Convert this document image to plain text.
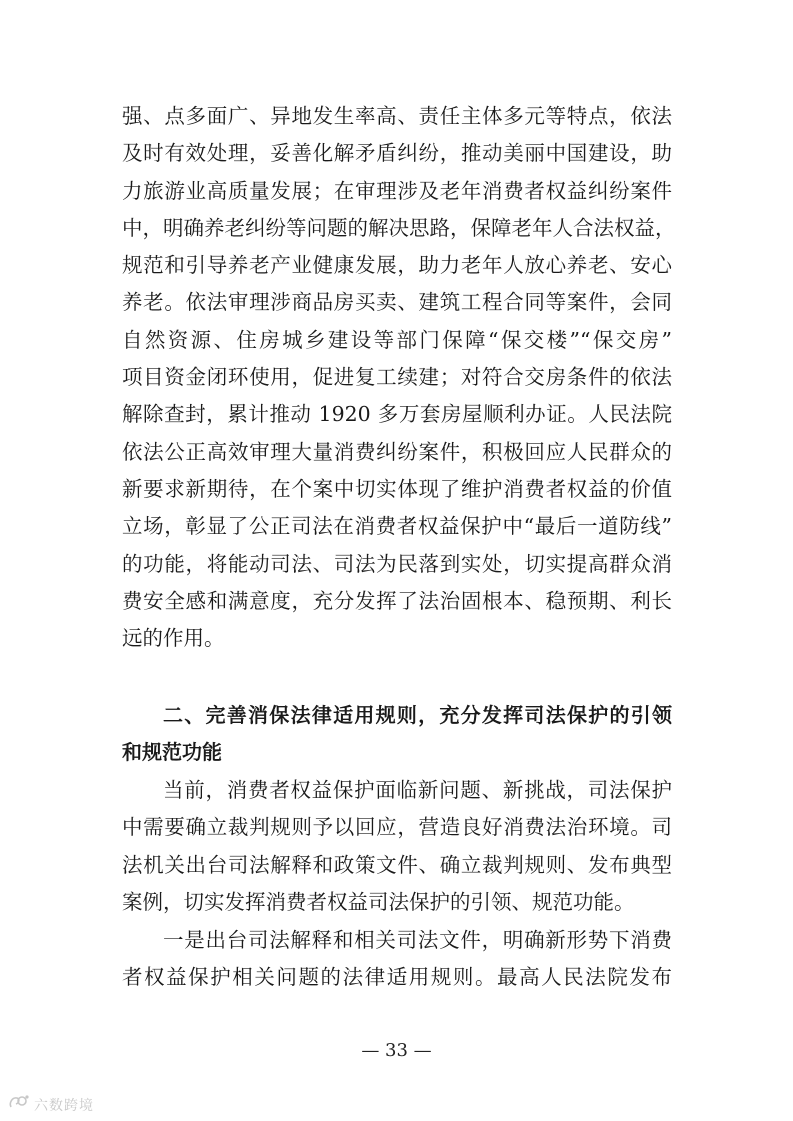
强、点多面广、异地发生率高、责任主体多元等特点，依法
及时有效处理，妥善化解矛盾纠纷，推动美丽中国建设，助
力旅游业高质量发展；在审理涉及老年消费者权益纠纷案件
中，明确养老纠纷等问题的解决思路，保障老年人合法权益，
规范和引导养老产业健康发展，助力老年人放心养老、安心
养老。依法审理涉商品房买卖、建筑工程合同等案件，会同
自然资源、住房城乡建设等部门保障“保交楼”“保交房”
项目资金闭环使用，促进复工续建；对符合交房条件的依法
解除查封，累计推动 1920 多万套房屋顺利办证。人民法院
依法公正高效审理大量消费纠纷案件，积极回应人民群众的
新要求新期待，在个案中切实体现了维护消费者权益的价值
立场，彰显了公正司法在消费者权益保护中“最后一道防线”
的功能，将能动司法、司法为民落到实处，切实提高群众消
费安全感和满意度，充分发挥了法治固根本、稳预期、利长
远的作用。
二、完善消保法律适用规则，充分发挥司法保护的引领
和规范功能
当前，消费者权益保护面临新问题、新挑战，司法保护
中需要确立裁判规则予以回应，营造良好消费法治环境。司
法机关出台司法解释和政策文件、确立裁判规则、发布典型
案例，切实发挥消费者权益司法保护的引领、规范功能。
一是出台司法解释和相关司法文件，明确新形势下消费
者权益保护相关问题的法律适用规则。最高人民法院发布
— 33 —
六数跨境
